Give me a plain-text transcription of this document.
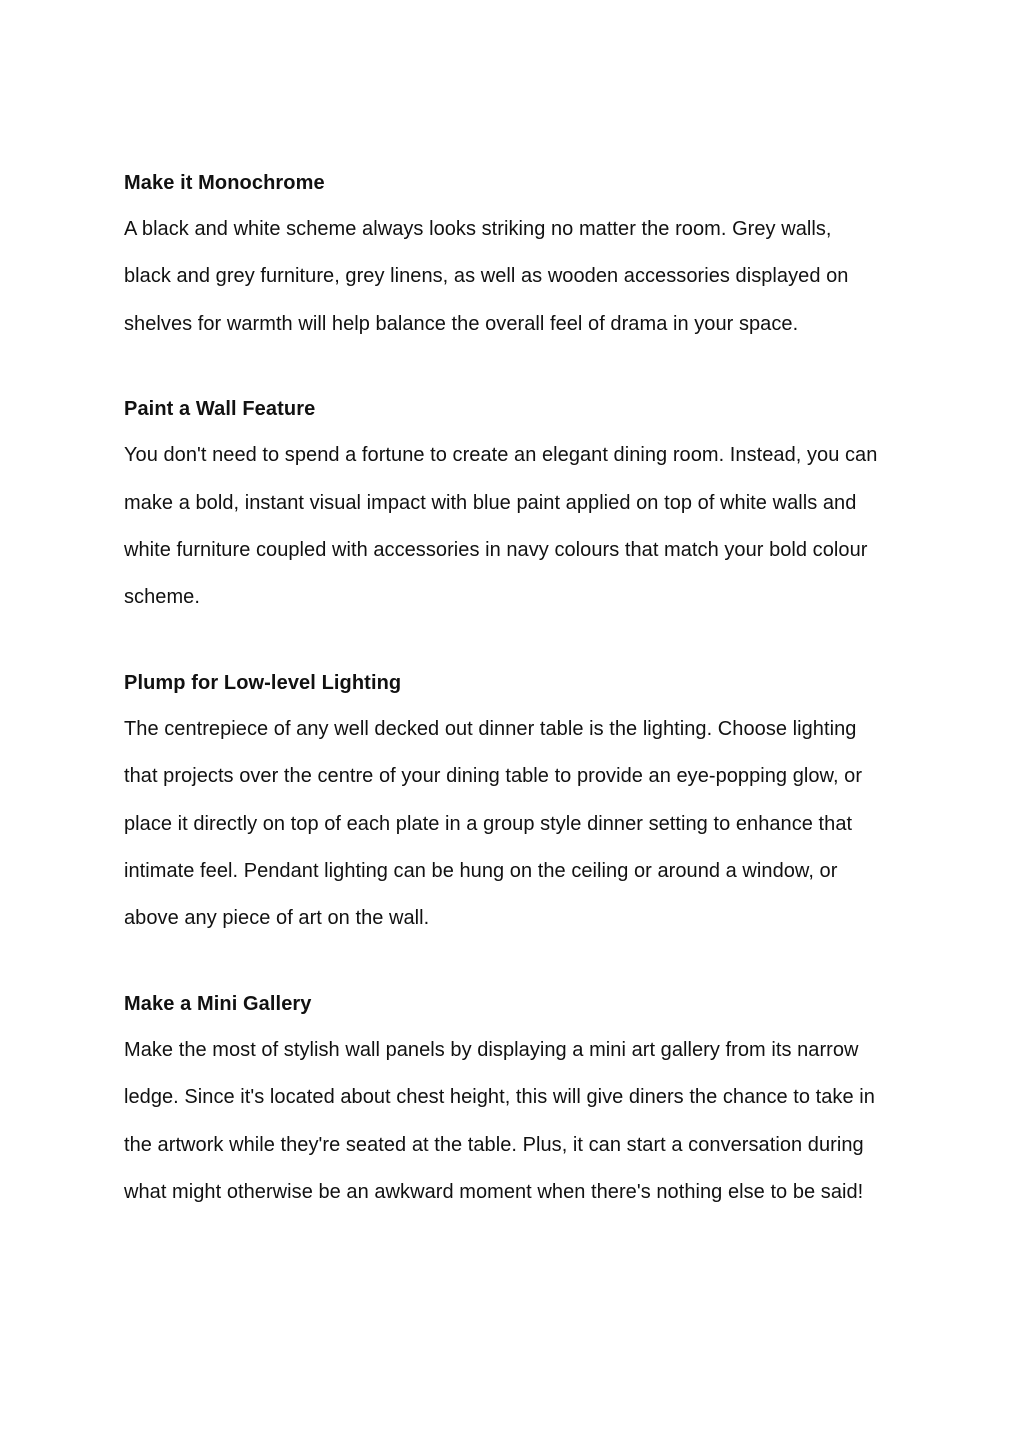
Make it Monochrome

A black and white scheme always looks striking no matter the room. Grey walls,

black and grey furniture, grey linens, as well as wooden accessories displayed on

shelves for warmth will help balance the overall feel of drama in your space.

Paint a Wall Feature

You don't need to spend a fortune to create an elegant dining room. Instead, you can

make a bold, instant visual impact with blue paint applied on top of white walls and

white furniture coupled with accessories in navy colours that match your bold colour

scheme.

Plump for Low-level Lighting

The centrepiece of any well decked out dinner table is the lighting. Choose lighting

that projects over the centre of your dining table to provide an eye-popping glow, or

place it directly on top of each plate in a group style dinner setting to enhance that

intimate feel. Pendant lighting can be hung on the ceiling or around a window, or

above any piece of art on the wall.

Make a Mini Gallery

Make the most of stylish wall panels by displaying a mini art gallery from its narrow

ledge. Since it's located about chest height, this will give diners the chance to take in

the artwork while they're seated at the table. Plus, it can start a conversation during

what might otherwise be an awkward moment when there's nothing else to be said!
